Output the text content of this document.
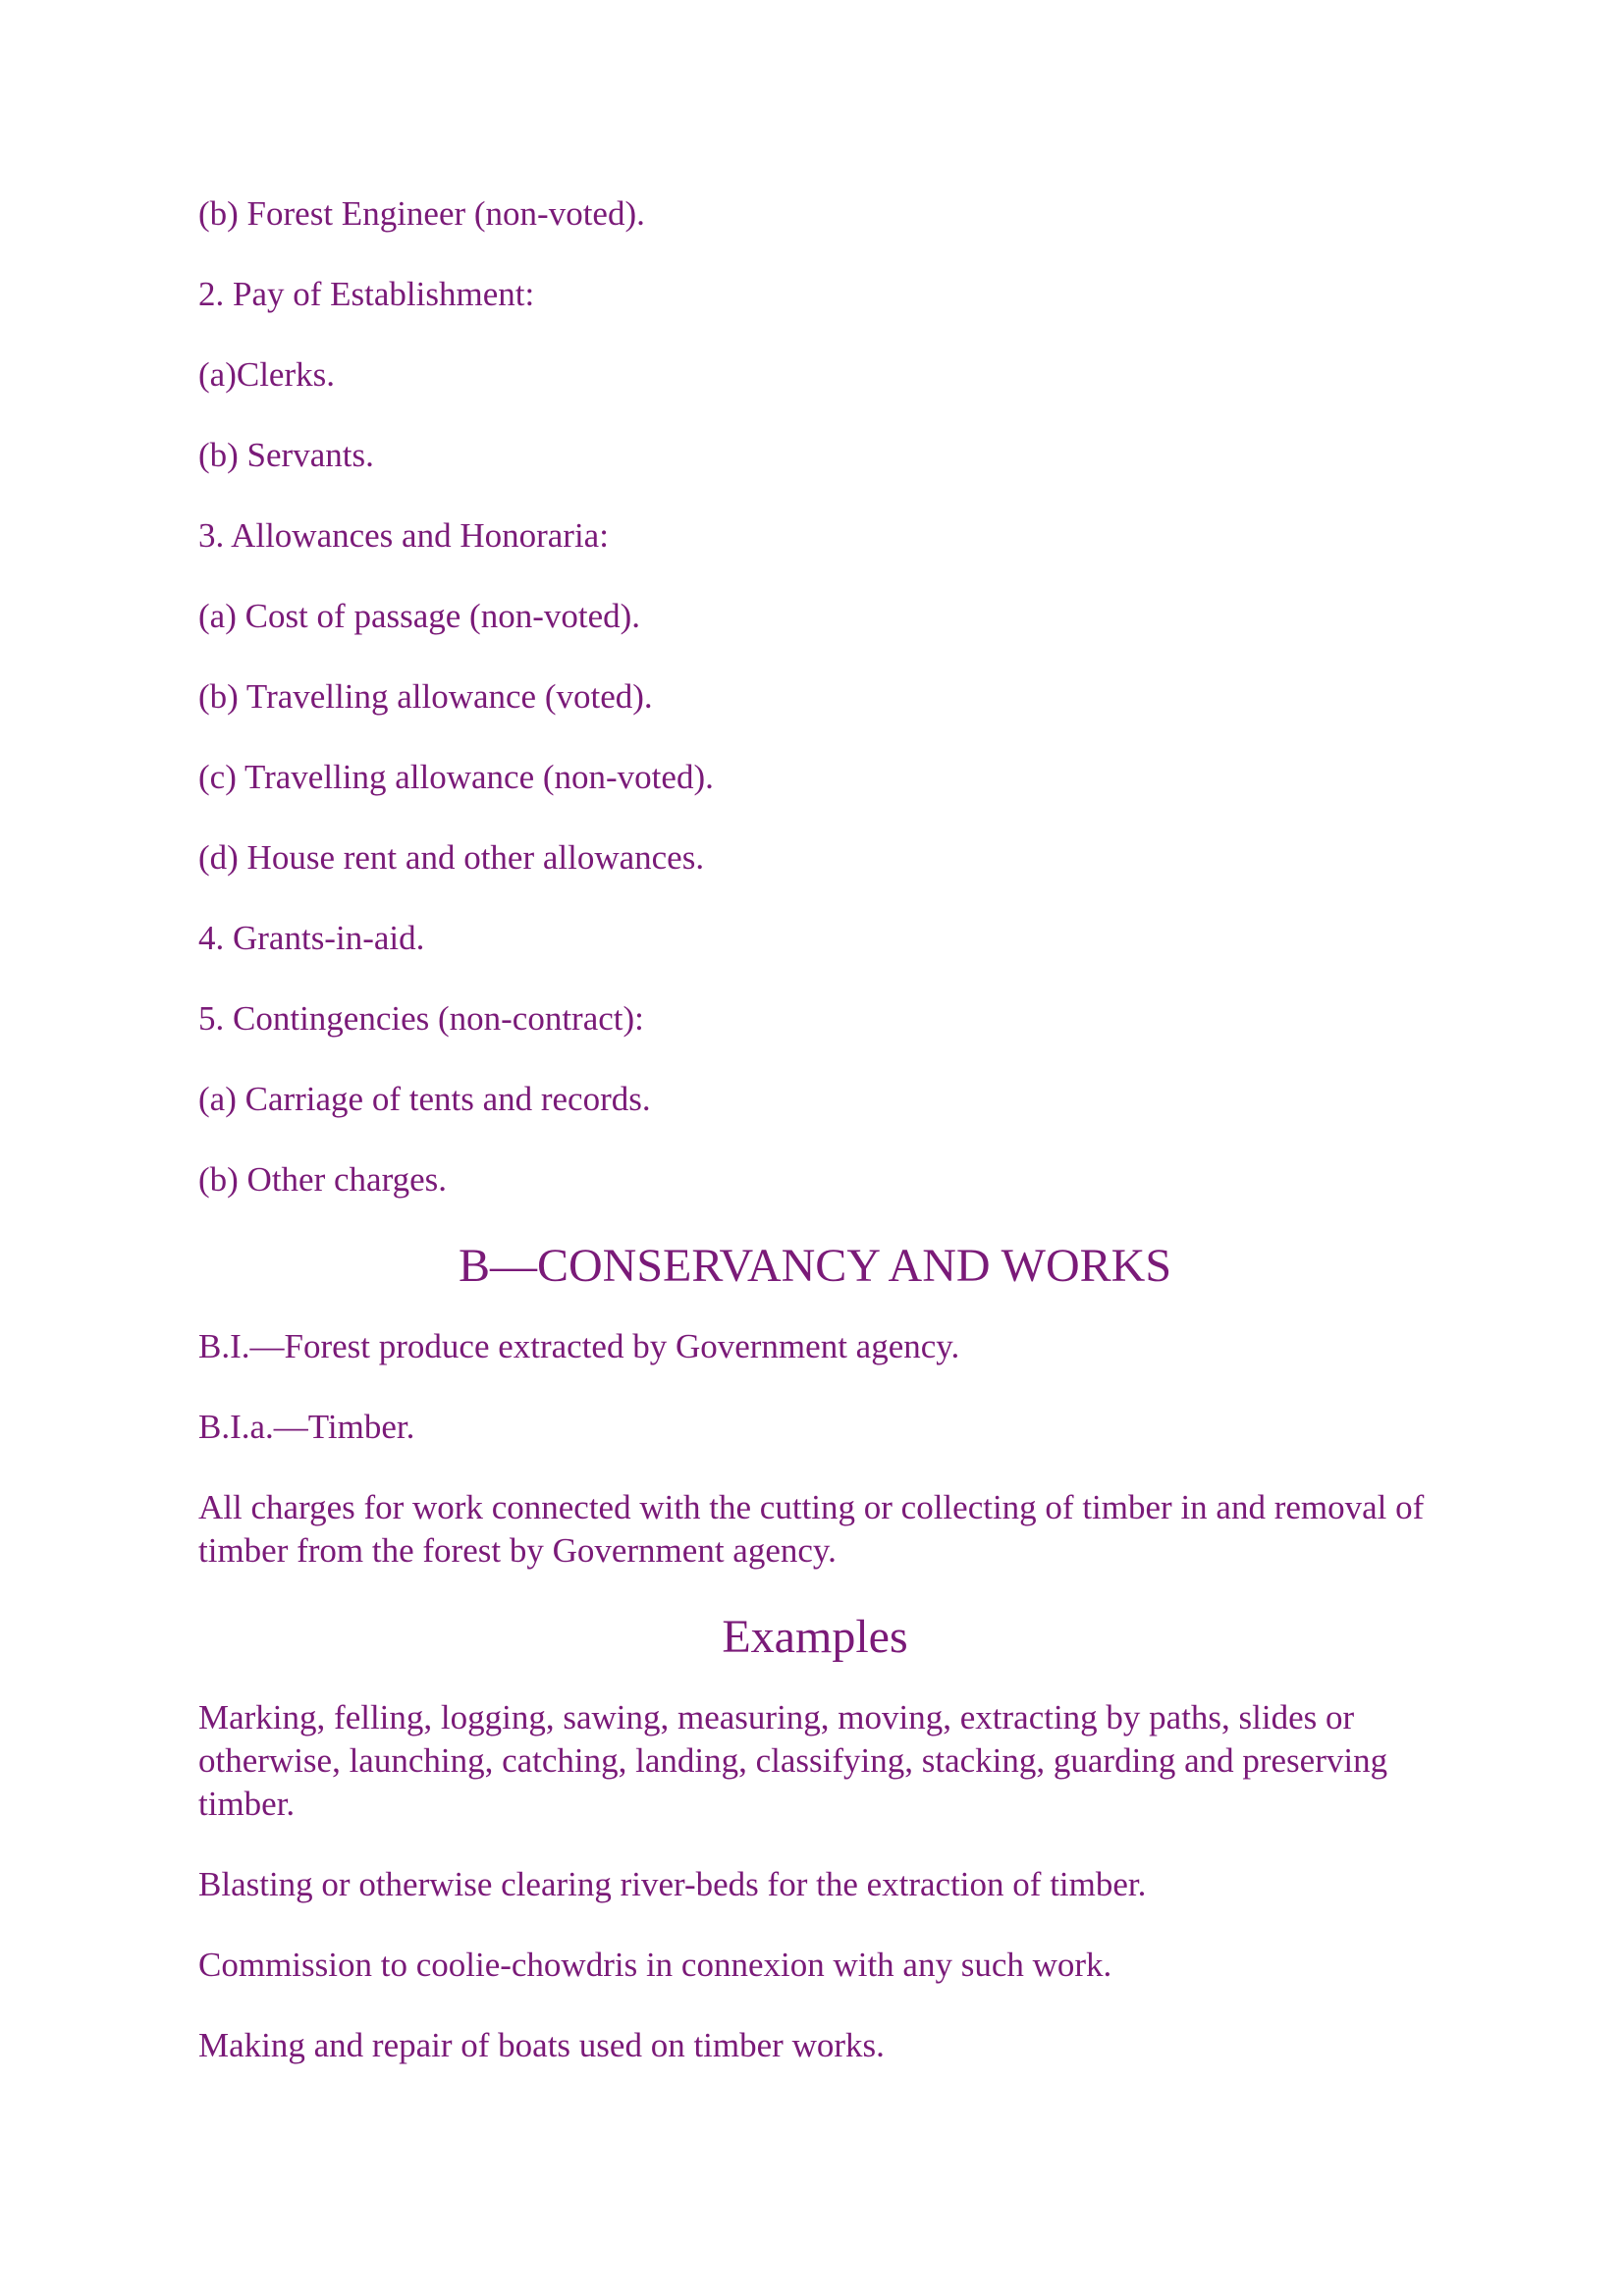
(b) Forest Engineer (non-voted).

2. Pay of Establishment:

(a)Clerks.

(b) Servants.

3. Allowances and Honoraria:

(a) Cost of passage (non-voted).

(b) Travelling allowance (voted).

(c) Travelling allowance (non-voted).

(d) House rent and other allowances.

4. Grants-in-aid.

5. Contingencies (non-contract):

(a) Carriage of tents and records.

(b) Other charges.

B—CONSERVANCY AND WORKS

B.I.—Forest produce extracted by Government agency.

B.I.a.—Timber.

All charges for work connected with the cutting or collecting of timber in and removal of timber from the forest by Government agency.

Examples

Marking, felling, logging, sawing, measuring, moving, extracting by paths, slides or otherwise, launching, catching, landing, classifying, stacking, guarding and preserving timber.

Blasting or otherwise clearing river-beds for the extraction of timber.

Commission to coolie-chowdris in connexion with any such work.

Making and repair of boats used on timber works.
